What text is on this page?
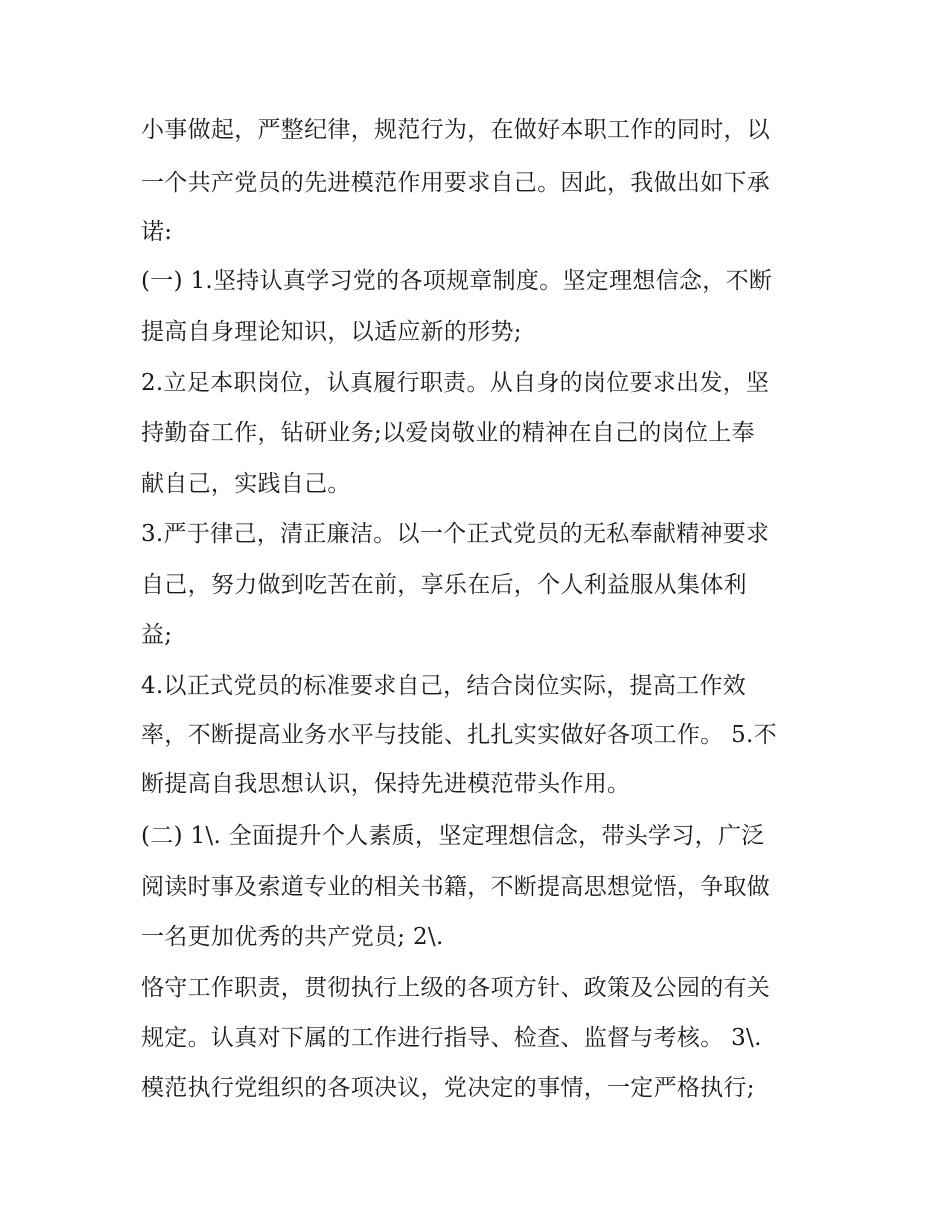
小事做起，严整纪律，规范行为，在做好本职工作的同时，以
一个共产党员的先进模范作用要求自己。因此，我做出如下承
诺:
(一) 1.坚持认真学习党的各项规章制度。坚定理想信念，不断
提高自身理论知识，以适应新的形势;
2.立足本职岗位，认真履行职责。从自身的岗位要求出发，坚
持勤奋工作，钻研业务;以爱岗敬业的精神在自己的岗位上奉
献自己，实践自己。
3.严于律己，清正廉洁。以一个正式党员的无私奉献精神要求
自己，努力做到吃苦在前，享乐在后，个人利益服从集体利
益;
4.以正式党员的标准要求自己，结合岗位实际，提高工作效
率，不断提高业务水平与技能、扎扎实实做好各项工作。 5.不
断提高自我思想认识，保持先进模范带头作用。
(二) 1\. 全面提升个人素质，坚定理想信念，带头学习，广泛
阅读时事及索道专业的相关书籍，不断提高思想觉悟，争取做
一名更加优秀的共产党员; 2\.
恪守工作职责，贯彻执行上级的各项方针、政策及公园的有关
规定。认真对下属的工作进行指导、检查、监督与考核。 3\.
模范执行党组织的各项决议，党决定的事情，一定严格执行;
